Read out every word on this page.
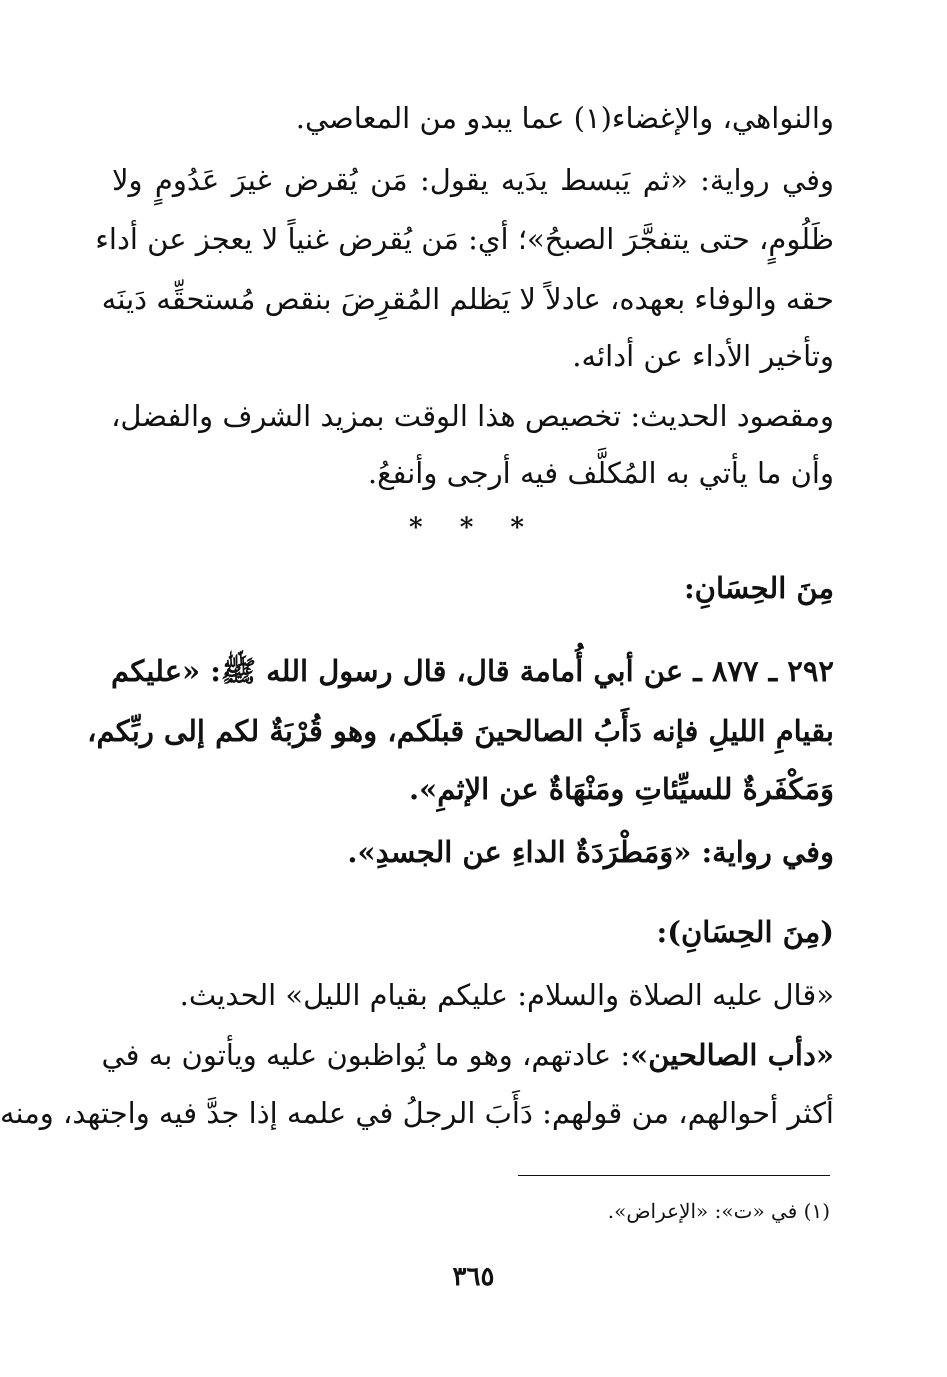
والنواهي، والإغضاء(١) عما يبدو من المعاصي.
وفي رواية: «ثم يَبسط يدَيه يقول: مَن يُقرض غيرَ عَدُومٍ ولا
ظَلُومٍ، حتى يتفجَّرَ الصبحُ»؛ أي: مَن يُقرض غنياً لا يعجز عن أداء
حقه والوفاء بعهده، عادلاً لا يَظلم المُقرِضَ بنقص مُستحقِّه دَينَه
وتأخير الأداء عن أدائه.
ومقصود الحديث: تخصيص هذا الوقت بمزيد الشرف والفضل،
وأن ما يأتي به المُكلَّف فيه أرجى وأنفعُ.
* * *
مِنَ الحِسَانِ:
٢٩٢ ـ ٨٧٧ ـ عن أبي أُمامة قال، قال رسول الله ﷺ: «عليكم
بقيامِ الليلِ فإنه دَأَبُ الصالحينَ قبلَكم، وهو قُرْبَةٌ لكم إلى ربِّكم،
وَمَكْفَرةٌ للسيِّئاتِ ومَنْهَاةٌ عن الإثمِ».
وفي رواية: «وَمَطْرَدَةٌ الداءِ عن الجسدِ».
(مِنَ الحِسَانِ):
«قال عليه الصلاة والسلام: عليكم بقيام الليل» الحديث.
«دأب الصالحين»: عادتهم، وهو ما يُواظبون عليه ويأتون به في
أكثر أحوالهم، من قولهم: دَأَبَ الرجلُ في علمه إذا جدَّ فيه واجتهد، ومنه
(١) في «ت»: «الإعراض».
٣٦٥
